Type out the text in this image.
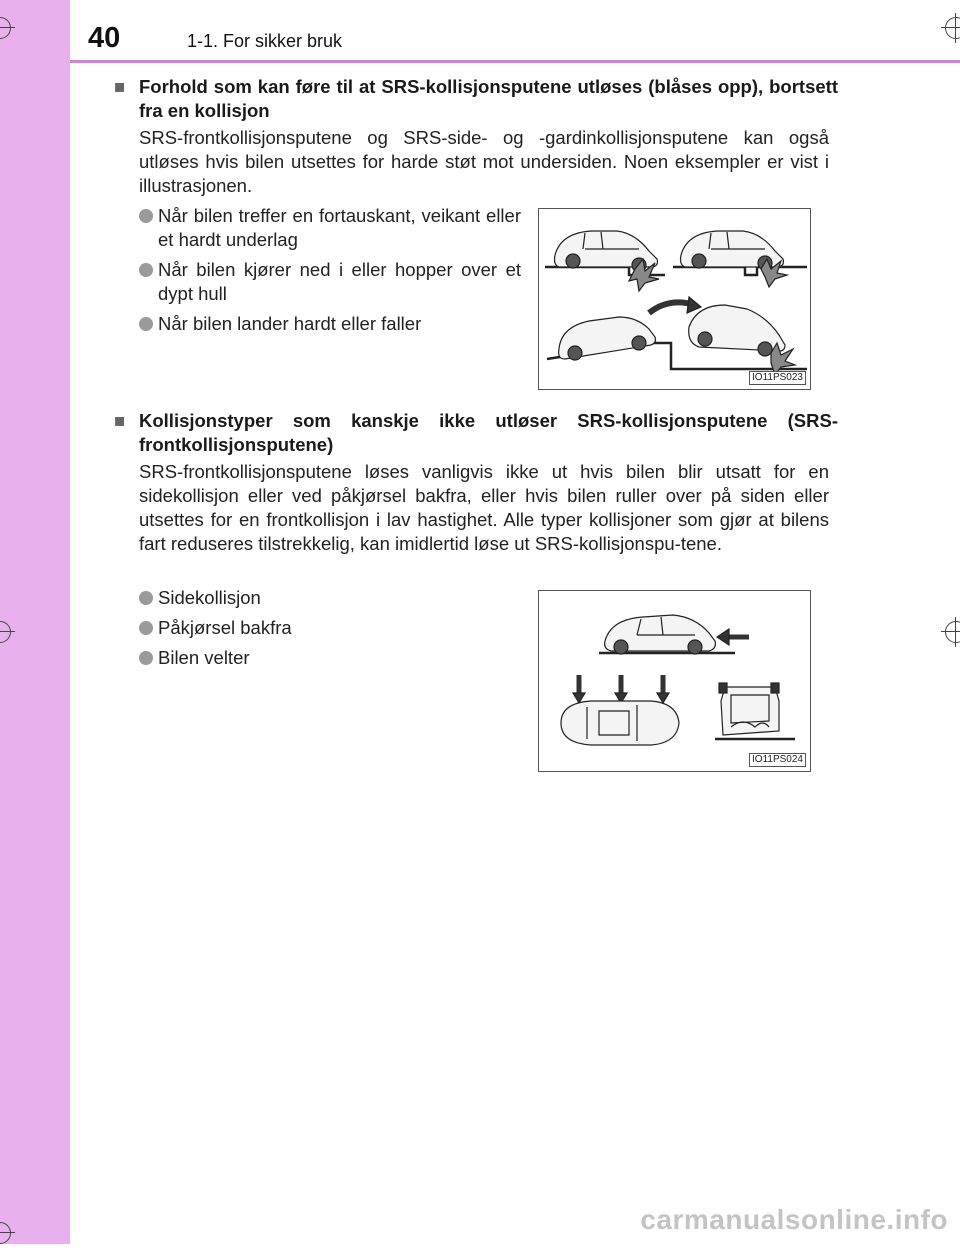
40	1-1. For sikker bruk
■ Forhold som kan føre til at SRS-kollisjonsputene utløses (blåses opp), bortsett fra en kollisjon
SRS-frontkollisjonsputene og SRS-side- og -gardinkollisjonsputene kan også utløses hvis bilen utsettes for harde støt mot undersiden. Noen eksempler er vist i illustrasjonen.
Når bilen treffer en fortauskant, veikant eller et hardt underlag
Når bilen kjører ned i eller hopper over et dypt hull
Når bilen lander hardt eller faller
IO11PS023
■ Kollisjonstyper som kanskje ikke utløser SRS-kollisjonsputene (SRS-frontkollisjonsputene)
SRS-frontkollisjonsputene løses vanligvis ikke ut hvis bilen blir utsatt for en sidekollisjon eller ved påkjørsel bakfra, eller hvis bilen ruller over på siden eller utsettes for en frontkollisjon i lav hastighet. Alle typer kollisjoner som gjør at bilens fart reduseres tilstrekkelig, kan imidlertid løse ut SRS-kollisjonspu-tene.
Sidekollisjon
Påkjørsel bakfra
Bilen velter
IO11PS024
carmanualsonline.info
